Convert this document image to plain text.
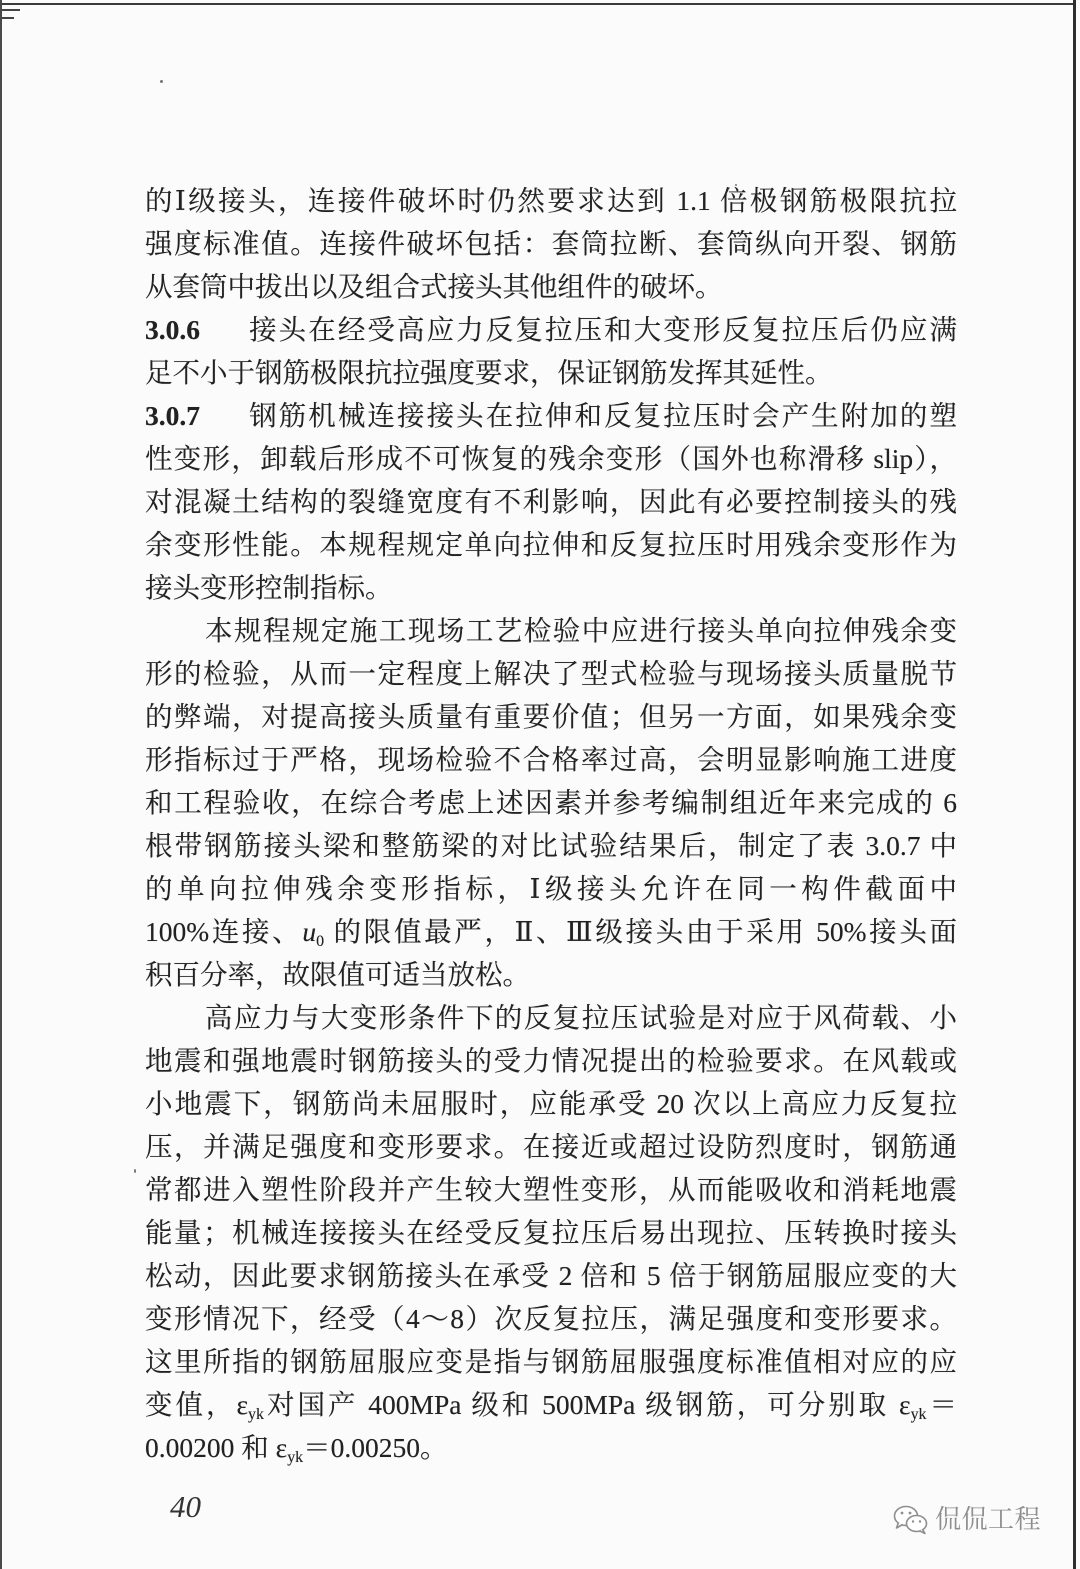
的Ⅰ级接头，连接件破坏时仍然要求达到 1.1 倍极钢筋极限抗拉
强度标准值。连接件破坏包括：套筒拉断、套筒纵向开裂、钢筋
从套筒中拔出以及组合式接头其他组件的破坏。
3.0.6 接头在经受高应力反复拉压和大变形反复拉压后仍应满
足不小于钢筋极限抗拉强度要求，保证钢筋发挥其延性。
3.0.7 钢筋机械连接接头在拉伸和反复拉压时会产生附加的塑
性变形，卸载后形成不可恢复的残余变形（国外也称滑移 slip），
对混凝土结构的裂缝宽度有不利影响，因此有必要控制接头的残
余变形性能。本规程规定单向拉伸和反复拉压时用残余变形作为
接头变形控制指标。
本规程规定施工现场工艺检验中应进行接头单向拉伸残余变
形的检验，从而一定程度上解决了型式检验与现场接头质量脱节
的弊端，对提高接头质量有重要价值；但另一方面，如果残余变
形指标过于严格，现场检验不合格率过高，会明显影响施工进度
和工程验收，在综合考虑上述因素并参考编制组近年来完成的 6
根带钢筋接头梁和整筋梁的对比试验结果后，制定了表 3.0.7 中
的单向拉伸残余变形指标，Ⅰ级接头允许在同一构件截面中
100%连接、$u_0$ 的限值最严，Ⅱ、Ⅲ级接头由于采用 50%接头面
积百分率，故限值可适当放松。
高应力与大变形条件下的反复拉压试验是对应于风荷载、小
地震和强地震时钢筋接头的受力情况提出的检验要求。在风载或
小地震下，钢筋尚未屈服时，应能承受 20 次以上高应力反复拉
压，并满足强度和变形要求。在接近或超过设防烈度时，钢筋通
常都进入塑性阶段并产生较大塑性变形，从而能吸收和消耗地震
能量；机械连接接头在经受反复拉压后易出现拉、压转换时接头
松动，因此要求钢筋接头在承受 2 倍和 5 倍于钢筋屈服应变的大
变形情况下，经受（4～8）次反复拉压，满足强度和变形要求。
这里所指的钢筋屈服应变是指与钢筋屈服强度标准值相对应的应
变值，$\varepsilon_{yk}$对国产 400MPa 级和 500MPa 级钢筋，可分别取 $\varepsilon_{yk}=$
0.00200 和 $\varepsilon_{yk}=0.00250$。
40	侃侃工程
